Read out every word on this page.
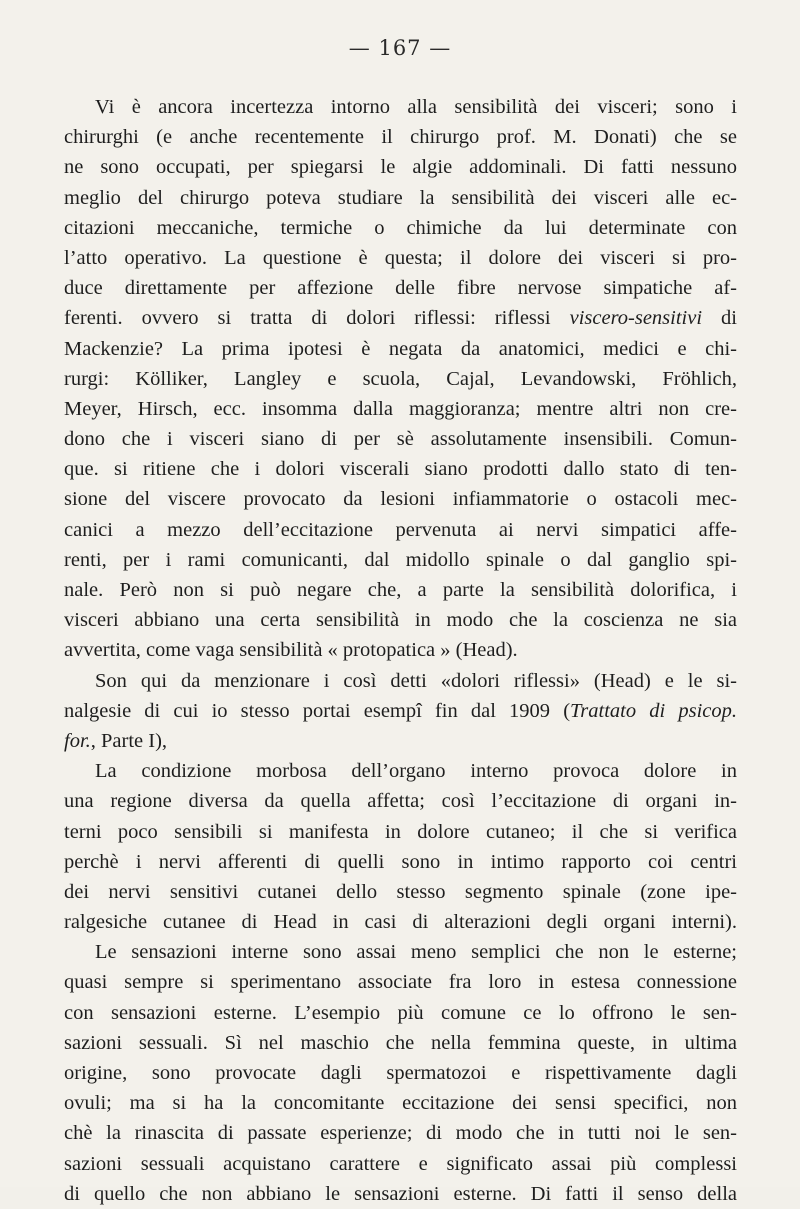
— 167 —
Vi è ancora incertezza intorno alla sensibilità dei visceri; sono i
chirurghi (e anche recentemente il chirurgo prof. M. Donati) che se
ne sono occupati, per spiegarsi le algie addominali. Di fatti nessuno
meglio del chirurgo poteva studiare la sensibilità dei visceri alle ec-
citazioni meccaniche, termiche o chimiche da lui determinate con
l’atto operativo. La questione è questa; il dolore dei visceri si pro-
duce direttamente per affezione delle fibre nervose simpatiche af-
ferenti. ovvero si tratta di dolori riflessi: riflessi viscero-sensitivi di
Mackenzie? La prima ipotesi è negata da anatomici, medici e chi-
rurgi: Kölliker, Langley e scuola, Cajal, Levandowski, Fröhlich,
Meyer, Hirsch, ecc. insomma dalla maggioranza; mentre altri non cre-
dono che i visceri siano di per sè assolutamente insensibili. Comun-
que. si ritiene che i dolori viscerali siano prodotti dallo stato di ten-
sione del viscere provocato da lesioni infiammatorie o ostacoli mec-
canici a mezzo dell’eccitazione pervenuta ai nervi simpatici affe-
renti, per i rami comunicanti, dal midollo spinale o dal ganglio spi-
nale. Però non si può negare che, a parte la sensibilità dolorifica, i
visceri abbiano una certa sensibilità in modo che la coscienza ne sia
avvertita, come vaga sensibilità « protopatica » (Head).
Son qui da menzionare i così detti «dolori riflessi» (Head) e le si-
nalgesie di cui io stesso portai esempî fin dal 1909 (Trattato di psicop.
for., Parte I),
La condizione morbosa dell’organo interno provoca dolore in
una regione diversa da quella affetta; così l’eccitazione di organi in-
terni poco sensibili si manifesta in dolore cutaneo; il che si verifica
perchè i nervi afferenti di quelli sono in intimo rapporto coi centri
dei nervi sensitivi cutanei dello stesso segmento spinale (zone ipe-
ralgesiche cutanee di Head in casi di alterazioni degli organi interni).
Le sensazioni interne sono assai meno semplici che non le esterne;
quasi sempre si sperimentano associate fra loro in estesa connessione
con sensazioni esterne. L’esempio più comune ce lo offrono le sen-
sazioni sessuali. Sì nel maschio che nella femmina queste, in ultima
origine, sono provocate dagli spermatozoi e rispettivamente dagli
ovuli; ma si ha la concomitante eccitazione dei sensi specifici, non
chè la rinascita di passate esperienze; di modo che in tutti noi le sen-
sazioni sessuali acquistano carattere e significato assai più complessi
di quello che non abbiano le sensazioni esterne. Di fatti il senso della
